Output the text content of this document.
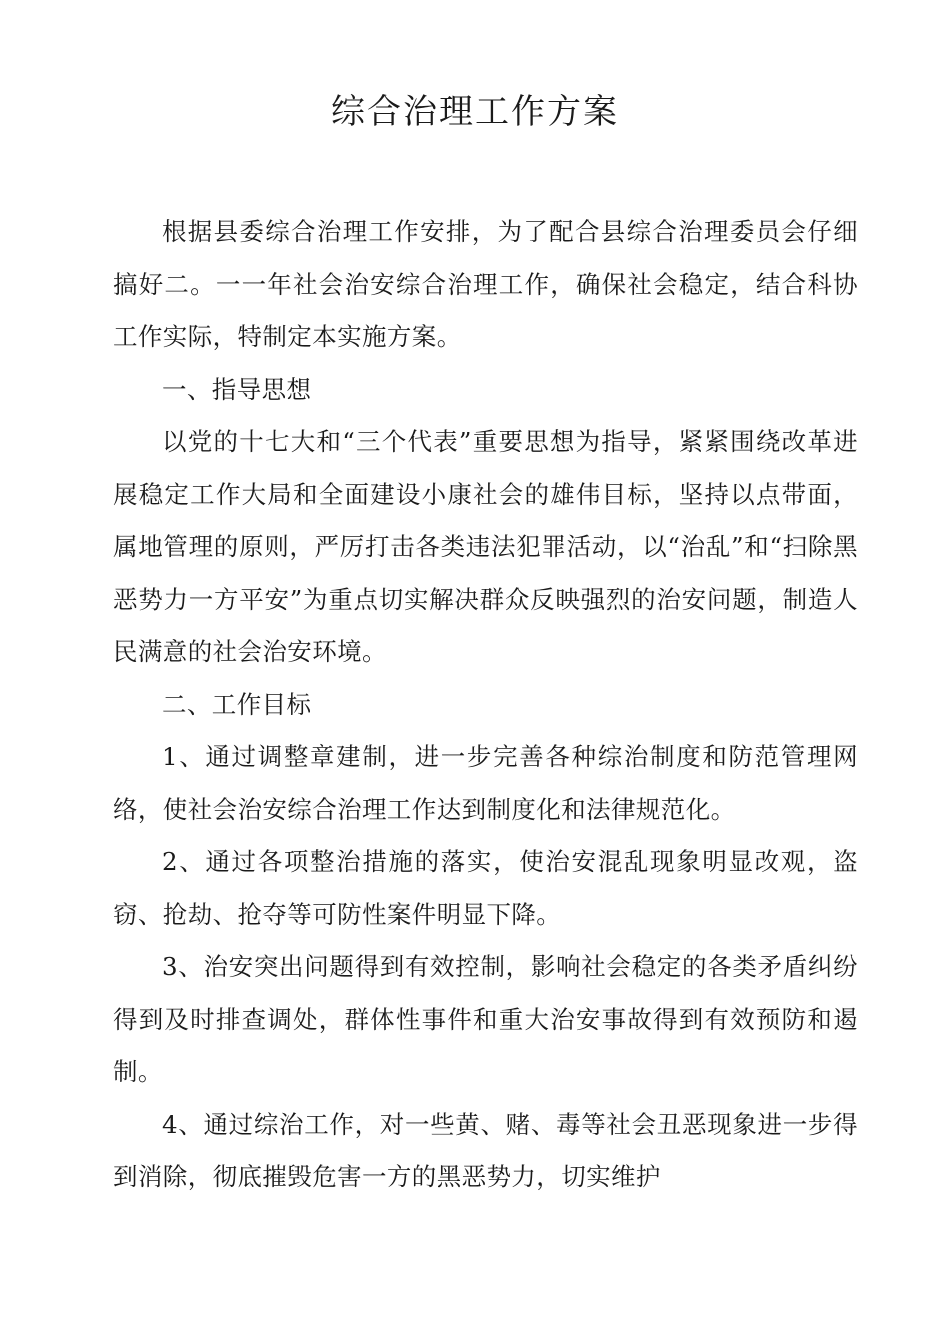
综合治理工作方案

根据县委综合治理工作安排，为了配合县综合治理委员会仔细搞好二。一一年社会治安综合治理工作，确保社会稳定，结合科协工作实际，特制定本实施方案。

一、指导思想

以党的十七大和“三个代表”重要思想为指导，紧紧围绕改革进展稳定工作大局和全面建设小康社会的雄伟目标，坚持以点带面，属地管理的原则，严厉打击各类违法犯罪活动，以“治乱”和“扫除黑恶势力一方平安”为重点切实解决群众反映强烈的治安问题，制造人民满意的社会治安环境。

二、工作目标

1、通过调整章建制，进一步完善各种综治制度和防范管理网络，使社会治安综合治理工作达到制度化和法律规范化。

2、通过各项整治措施的落实，使治安混乱现象明显改观，盗窃、抢劫、抢夺等可防性案件明显下降。

3、治安突出问题得到有效控制，影响社会稳定的各类矛盾纠纷得到及时排查调处，群体性事件和重大治安事故得到有效预防和遏制。

4、通过综治工作，对一些黄、赌、毒等社会丑恶现象进一步得到消除，彻底摧毁危害一方的黑恶势力，切实维护
